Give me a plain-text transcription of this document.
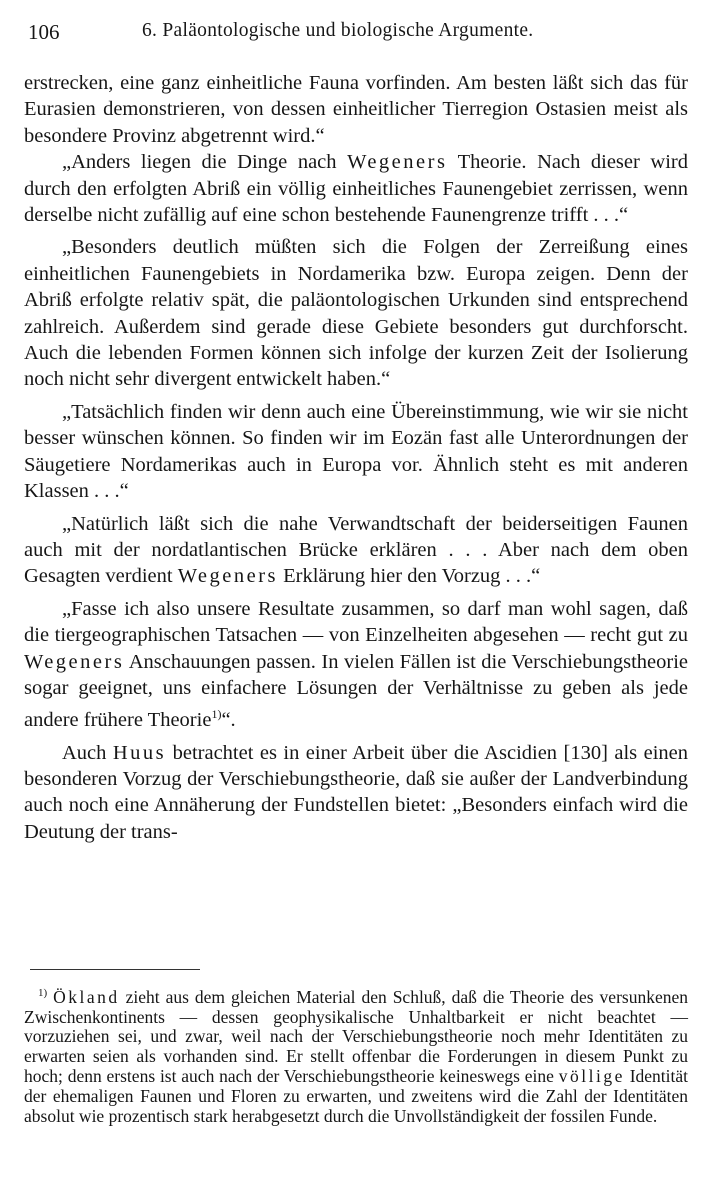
106	6. Paläontologische und biologische Argumente.

erstrecken, eine ganz einheitliche Fauna vorfinden. Am besten läßt sich das für Eurasien demonstrieren, von dessen einheitlicher Tierregion Ostasien meist als besondere Provinz abgetrennt wird.“

„Anders liegen die Dinge nach Wegeners Theorie. Nach dieser wird durch den erfolgten Abriß ein völlig einheitliches Faunengebiet zerrissen, wenn derselbe nicht zufällig auf eine schon bestehende Faunengrenze trifft . . .“

„Besonders deutlich müßten sich die Folgen der Zerreißung eines einheitlichen Faunengebiets in Nordamerika bzw. Europa zeigen. Denn der Abriß erfolgte relativ spät, die paläontologischen Urkunden sind entsprechend zahlreich. Außerdem sind gerade diese Gebiete besonders gut durchforscht. Auch die lebenden Formen können sich infolge der kurzen Zeit der Isolierung noch nicht sehr divergent entwickelt haben.“

„Tatsächlich finden wir denn auch eine Übereinstimmung, wie wir sie nicht besser wünschen können. So finden wir im Eozän fast alle Unterordnungen der Säugetiere Nordamerikas auch in Europa vor. Ähnlich steht es mit anderen Klassen . . .“

„Natürlich läßt sich die nahe Verwandtschaft der beiderseitigen Faunen auch mit der nordatlantischen Brücke erklären . . . Aber nach dem oben Gesagten verdient Wegeners Erklärung hier den Vorzug . . .“

„Fasse ich also unsere Resultate zusammen, so darf man wohl sagen, daß die tiergeographischen Tatsachen — von Einzelheiten abgesehen — recht gut zu Wegeners Anschauungen passen. In vielen Fällen ist die Verschiebungstheorie sogar geeignet, uns einfachere Lösungen der Verhältnisse zu geben als jede andere frühere Theorie$^{1)}$“.

Auch Huus betrachtet es in einer Arbeit über die Ascidien [130] als einen besonderen Vorzug der Verschiebungstheorie, daß sie außer der Landverbindung auch noch eine Annäherung der Fundstellen bietet: „Besonders einfach wird die Deutung der trans-

$^{1)}$ Ökland zieht aus dem gleichen Material den Schluß, daß die Theorie des versunkenen Zwischenkontinents — dessen geophysikalische Unhaltbarkeit er nicht beachtet — vorzuziehen sei, und zwar, weil nach der Verschiebungstheorie noch mehr Identitäten zu erwarten seien als vorhanden sind. Er stellt offenbar die Forderungen in diesem Punkt zu hoch; denn erstens ist auch nach der Verschiebungstheorie keineswegs eine völlige Identität der ehemaligen Faunen und Floren zu erwarten, und zweitens wird die Zahl der Identitäten absolut wie prozentisch stark herabgesetzt durch die Unvollständigkeit der fossilen Funde.
